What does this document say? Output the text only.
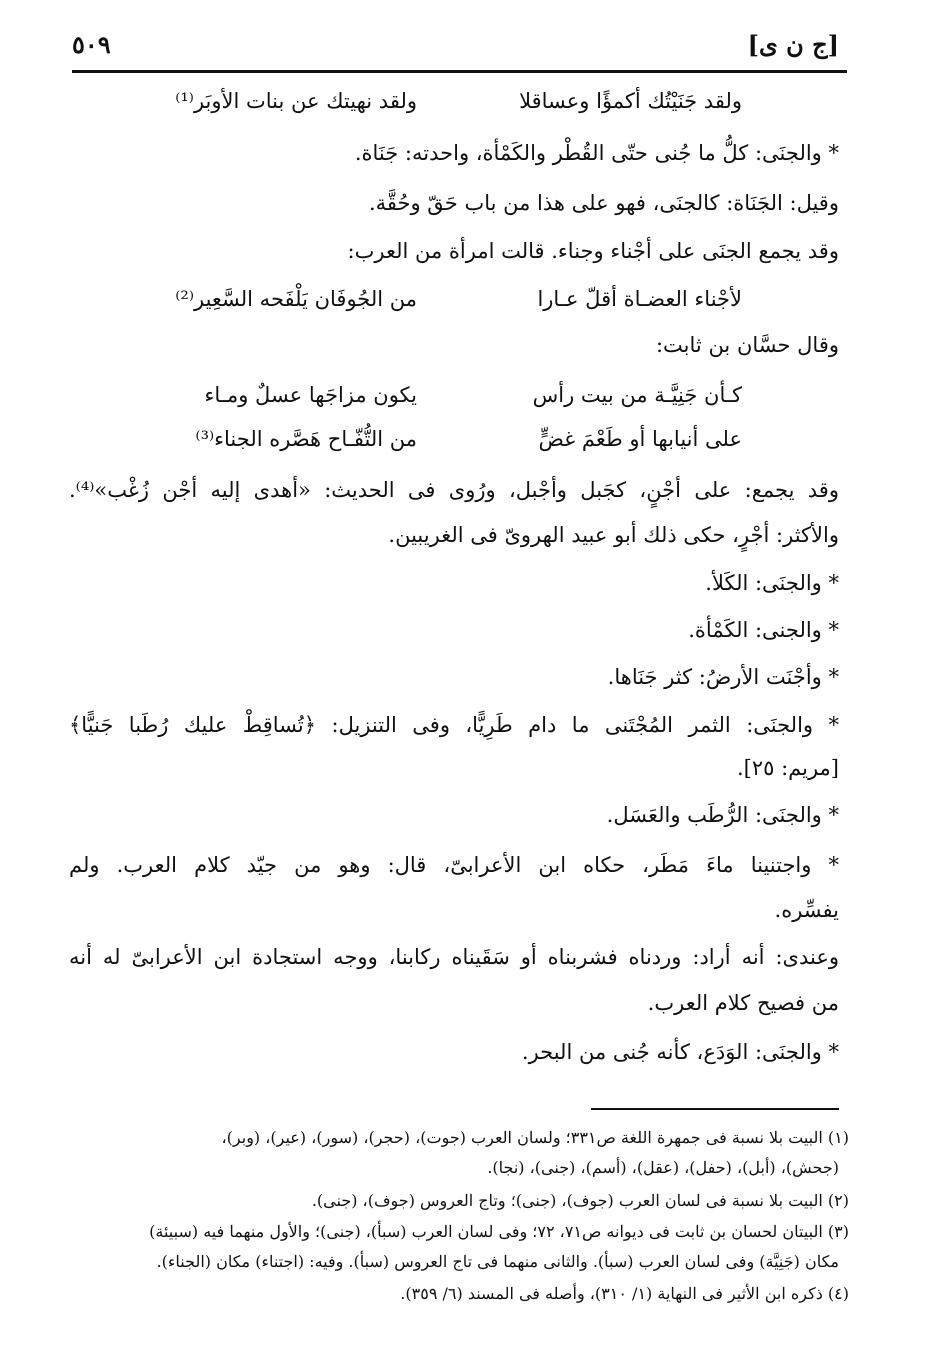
[ج ن ى]
٥٠٩
ولقد جَنَيْتُك أكمؤًا وعساقلا
ولقد نهيتك عن بنات الأوبَر⁽¹⁾
* والجنَى: كلُّ ما جُنى حتّى القُطْر والكَمْأة، واحدته: جَنَاة.
وقيل: الجَنَاة: كالجنَى، فهو على هذا من باب حَقّ وحُقَّة.
وقد يجمع الجنَى على أجْناء وجناء. قالت امرأة من العرب:
لأجْناء العضـاة أقلّ عـارا
من الجُوفَان يَلْفَحه السَّعِير⁽²⁾
وقال حسَّان بن ثابت:
كـأن جَنِيَّـة من بيت رأس
يكون مزاجَها عسلٌ ومـاء
على أنيابها أو طَعْمَ غضٍّ
من التُّفّـاح هَصَّره الجناء⁽³⁾
وقد يجمع: على أجْنٍ، كجَبل وأجْبل، ورُوى فى الحديث: «أهدى إليه أجْن زُغْب»⁽⁴⁾.
والأكثر: أجْرٍ، حكى ذلك أبو عبيد الهروىّ فى الغريبين.
* والجنَى: الكَلأ.
* والجنى: الكَمْأة.
* وأجْنَت الأرضُ: كثر جَنَاها.
* والجنَى: الثمر المُجْتَنى ما دام طَرِيًّا، وفى التنزيل: ﴿تُساقِطْ عليك رُطَبا جَنيًّا﴾
[مريم: ٢٥].
* والجنَى: الرُّطَب والعَسَل.
* واجتنينا ماءَ مَطَر، حكاه ابن الأعرابىّ، قال: وهو من جيّد كلام العرب. ولم
يفسِّره.
وعندى: أنه أراد: وردناه فشربناه أو سَقَيناه ركابنا، ووجه استجادة ابن الأعرابىّ له أنه
من فصيح كلام العرب.
* والجنَى: الوَدَع، كأنه جُنى من البحر.
(١) البيت بلا نسبة فى جمهرة اللغة ص٣٣١؛ ولسان العرب (جوت)، (حجر)، (سور)، (عير)، (وبر)،
(جحش)، (أبل)، (حفل)، (عقل)، (أسم)، (جنى)، (نجا).
(٢) البيت بلا نسبة فى لسان العرب (جوف)، (جنى)؛ وتاج العروس (جوف)، (جنى).
(٣) البيتان لحسان بن ثابت فى ديوانه ص٧١، ٧٢؛ وفى لسان العرب (سبأ)، (جنى)؛ والأول منهما فيه (سبيئة)
مكان (جَنِيَّة) وفى لسان العرب (سبأ). والثانى منهما فى تاج العروس (سبأ). وفيه: (اجتناء) مكان (الجناء).
(٤) ذكره ابن الأثير فى النهاية (١/ ٣١٠)، وأصله فى المسند (٦/ ٣٥٩).
